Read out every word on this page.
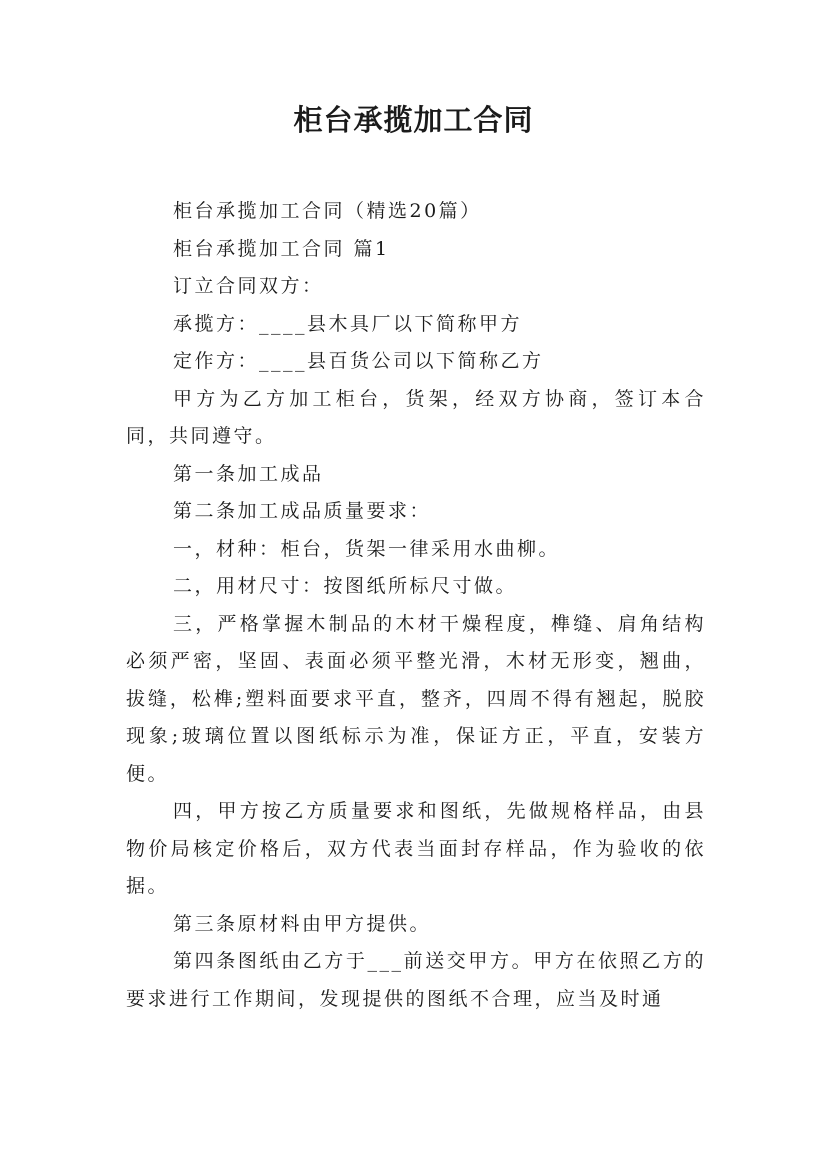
柜台承揽加工合同

柜台承揽加工合同（精选20篇）

柜台承揽加工合同 篇1

订立合同双方：

承揽方：____县木具厂以下简称甲方

定作方：____县百货公司以下简称乙方

甲方为乙方加工柜台，货架，经双方协商，签订本合同，共同遵守。

第一条加工成品

第二条加工成品质量要求：

一，材种：柜台，货架一律采用水曲柳。

二，用材尺寸：按图纸所标尺寸做。

三，严格掌握木制品的木材干燥程度，榫缝、肩角结构必须严密，坚固、表面必须平整光滑，木材无形变，翘曲，拔缝，松榫;塑料面要求平直，整齐，四周不得有翘起，脱胶现象;玻璃位置以图纸标示为准，保证方正，平直，安装方便。

四，甲方按乙方质量要求和图纸，先做规格样品，由县物价局核定价格后，双方代表当面封存样品，作为验收的依据。

第三条原材料由甲方提供。

第四条图纸由乙方于___前送交甲方。甲方在依照乙方的要求进行工作期间，发现提供的图纸不合理，应当及时通
